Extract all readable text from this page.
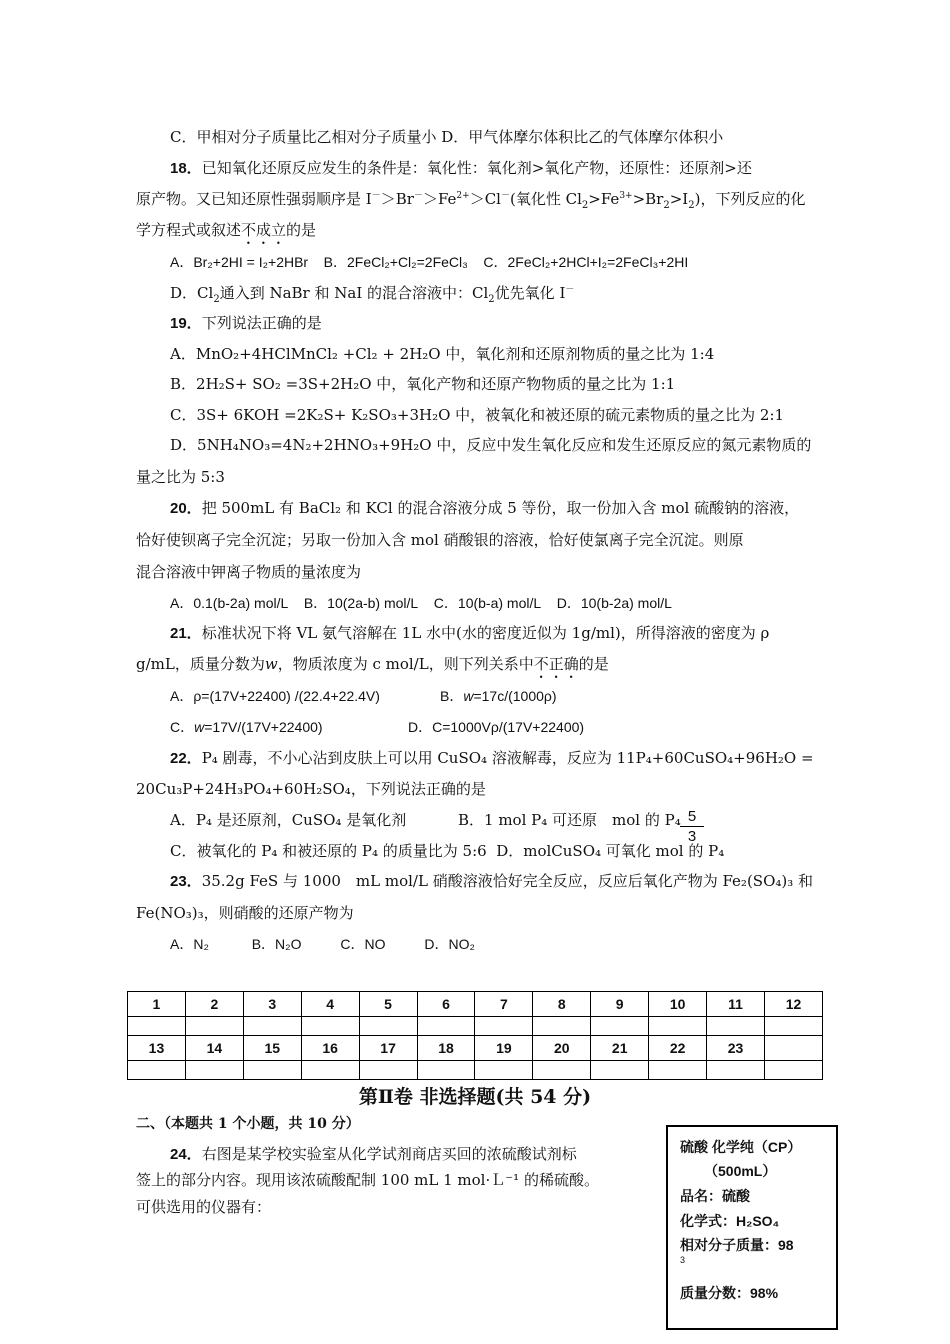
C．甲相对分子质量比乙相对分子质量小 D．甲气体摩尔体积比乙的气体摩尔体积小
18．已知氧化还原反应发生的条件是：氧化性：氧化剂>氧化产物，还原性：还原剂>还
原产物。又已知还原性强弱顺序是 $I^->Br^->Fe^{2+}>Cl^-$(氧化性 $Cl_2>Fe^{3+}>Br_2>I_2$)，下列反应的化
学方程式或叙述不成立的是
A．Br₂+2HI = I₂+2HBr B．2FeCl₂+Cl₂=2FeCl₃ C．2FeCl₂+2HCl+I₂=2FeCl₃+2HI
D．$Cl_2$通入到 NaBr 和 NaI 的混合溶液中：$Cl_2$优先氧化 I－
19．下列说法正确的是
A．MnO₂+4HClMnCl₂ +Cl₂ + 2H₂O 中，氧化剂和还原剂物质的量之比为 1:4
B．2H₂S+ SO₂ =3S+2H₂O 中，氧化产物和还原产物物质的量之比为 1:1
C．3S+ 6KOH =2K₂S+ K₂SO₃+3H₂O 中，被氧化和被还原的硫元素物质的量之比为 2:1
D．5NH₄NO₃=4N₂+2HNO₃+9H₂O 中，反应中发生氧化反应和发生还原反应的氮元素物质的
量之比为 5:3
20．把 500mL 有 BaCl₂ 和 KCl 的混合溶液分成 5 等份，取一份加入含 mol 硫酸钠的溶液，
恰好使钡离子完全沉淀；另取一份加入含 mol 硝酸银的溶液，恰好使氯离子完全沉淀。则原
混合溶液中钾离子物质的量浓度为
A．0.1(b-2a) mol/L B．10(2a-b) mol/L C．10(b-a) mol/L D．10(b-2a) mol/L
21．标准状况下将 VL 氨气溶解在 1L 水中(水的密度近似为 1g/ml)，所得溶液的密度为 ρ
g/mL，质量分数为w，物质浓度为 c mol/L，则下列关系中不正确的是
A．ρ=(17V+22400) /(22.4+22.4V)	B．w=17c/(1000ρ)
C．w=17V/(17V+22400)	D．C=1000Vρ/(17V+22400)
22．P₄ 剧毒，不小心沾到皮肤上可以用 CuSO₄ 溶液解毒，反应为 11P₄+60CuSO₄+96H₂O =
20Cu₃P+24H₃PO₄+60H₂SO₄，下列说法正确的是
A．P₄ 是还原剂，CuSO₄ 是氧化剂	B．1 mol P₄ 可还原　mol 的 P₄ 5
3
C．被氧化的 P₄ 和被还原的 P₄ 的质量比为 5:6 D．molCuSO₄ 可氧化 mol 的 P₄
23．35.2g FeS 与 1000　mL mol/L 硝酸溶液恰好完全反应，反应后氧化产物为 Fe₂(SO₄)₃ 和
Fe(NO₃)₃，则硝酸的还原产物为
A．N₂	B．N₂O	C．NO	D．NO₂
1	2	3	4	5	6	7	8	9	10	11	12

13	14	15	16	17	18	19	20	21	22	23	

第Ⅱ卷 非选择题(共 54 分)
二、（本题共 1 个小题，共 10 分）
24．右图是某学校实验室从化学试剂商店买回的浓硫酸试剂标
签上的部分内容。现用该浓硫酸配制 100 mL 1 mol·Ｌ⁻¹ 的稀硫酸。
可供选用的仪器有：
硫酸 化学纯（CP）
（500mL）
品名：硫酸
化学式：H₂SO₄
相对分子质量：98
3
质量分数：98%
